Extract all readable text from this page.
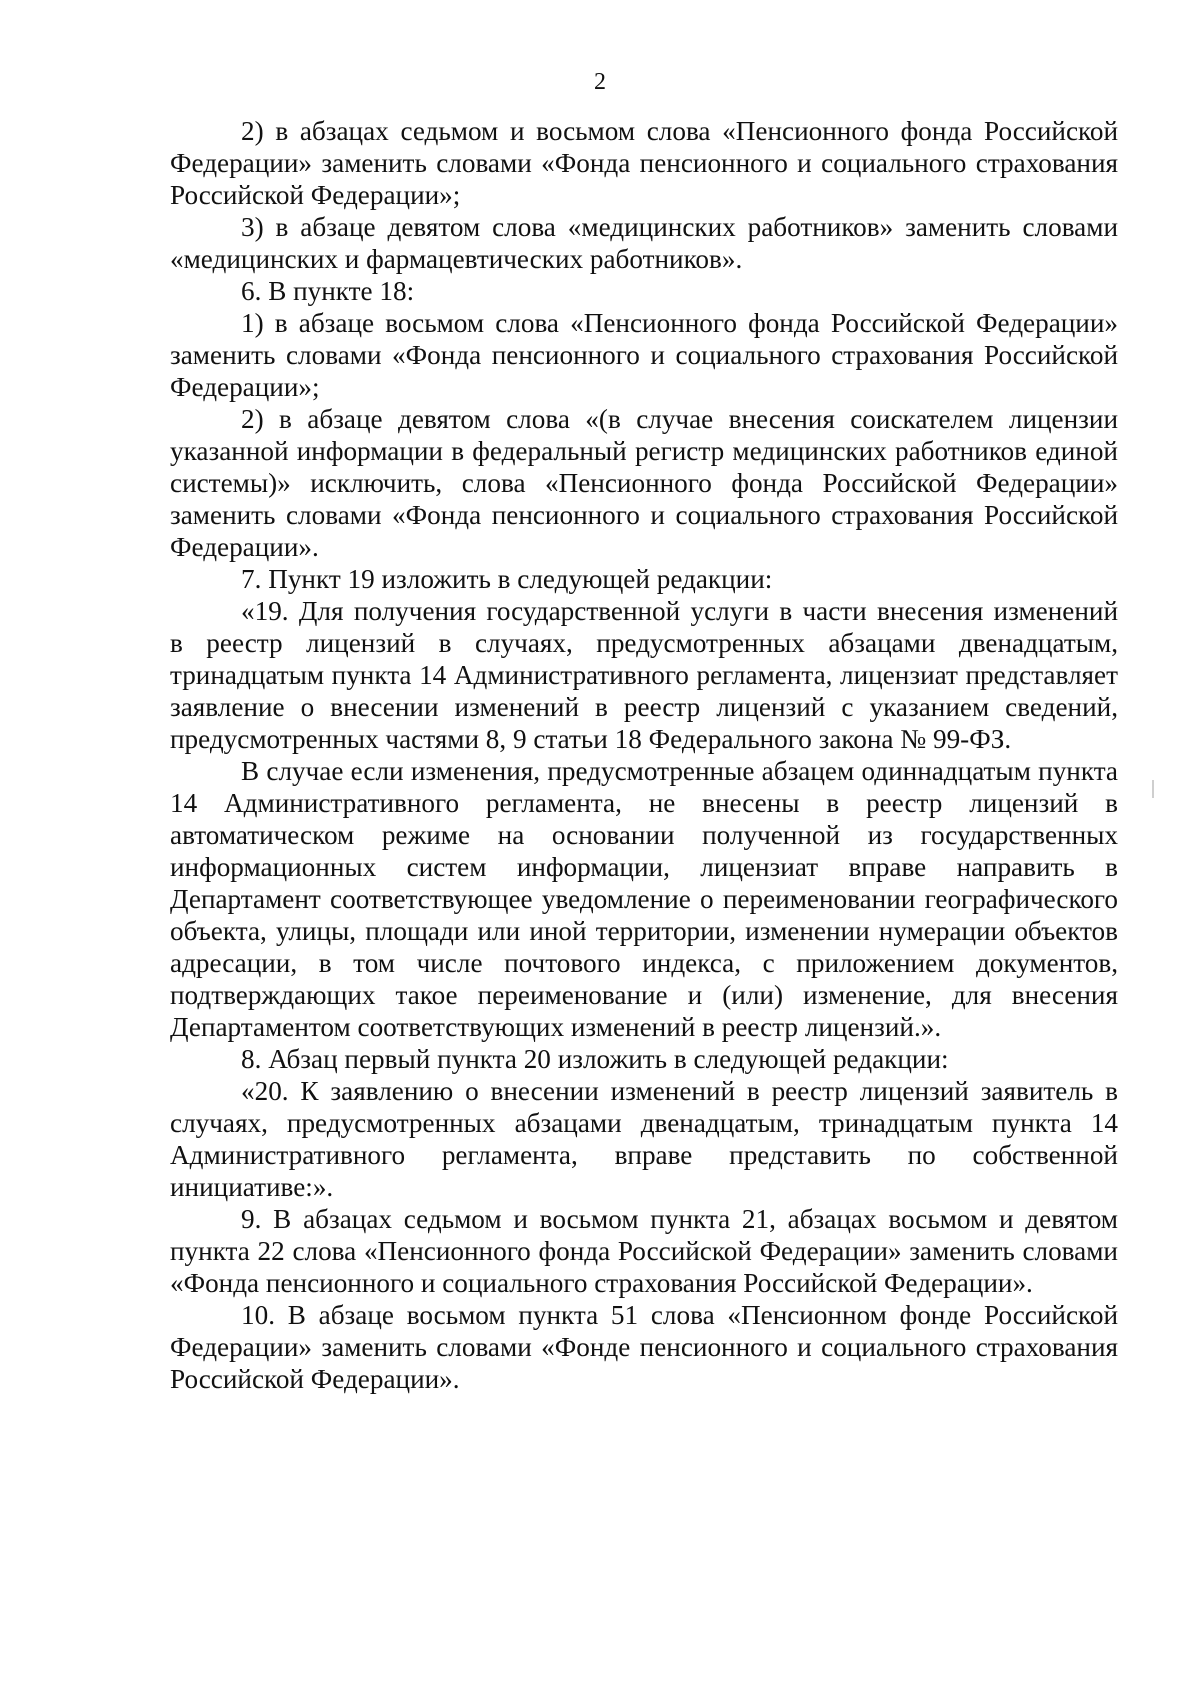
2

2) в абзацах седьмом и восьмом слова «Пенсионного фонда Российской Федерации» заменить словами «Фонда пенсионного и социального страхования Российской Федерации»;

3) в абзаце девятом слова «медицинских работников» заменить словами «медицинских и фармацевтических работников».

6. В пункте 18:

1) в абзаце восьмом слова «Пенсионного фонда Российской Федерации» заменить словами «Фонда пенсионного и социального страхования Российской Федерации»;

2) в абзаце девятом слова «(в случае внесения соискателем лицензии указанной информации в федеральный регистр медицинских работников единой системы)» исключить, слова «Пенсионного фонда Российской Федерации» заменить словами «Фонда пенсионного и социального страхования Российской Федерации».

7. Пункт 19 изложить в следующей редакции:

«19. Для получения государственной услуги в части внесения изменений

в реестр лицензий в случаях, предусмотренных абзацами двенадцатым, тринадцатым пункта 14 Административного регламента, лицензиат представляет заявление о внесении изменений в реестр лицензий с указанием сведений, предусмотренных частями 8, 9 статьи 18 Федерального закона № 99-ФЗ.

В случае если изменения, предусмотренные абзацем одиннадцатым пункта 14 Административного регламента, не внесены в реестр лицензий в автоматическом режиме на основании полученной из государственных информационных систем информации, лицензиат вправе направить в Департамент соответствующее уведомление о переименовании географического объекта, улицы, площади или иной территории, изменении нумерации объектов адресации, в том числе почтового индекса, с приложением документов, подтверждающих такое переименование и (или) изменение, для внесения Департаментом соответствующих изменений в реестр лицензий.».

8. Абзац первый пункта 20 изложить в следующей редакции:

«20. К заявлению о внесении изменений в реестр лицензий заявитель в случаях, предусмотренных абзацами двенадцатым, тринадцатым пункта 14 Административного регламента, вправе представить по собственной инициативе:».

9. В абзацах седьмом и восьмом пункта 21, абзацах восьмом и девятом пункта 22 слова «Пенсионного фонда Российской Федерации» заменить словами «Фонда пенсионного и социального страхования Российской Федерации».

10. В абзаце восьмом пункта 51 слова «Пенсионном фонде Российской Федерации» заменить словами «Фонде пенсионного и социального страхования Российской Федерации».
